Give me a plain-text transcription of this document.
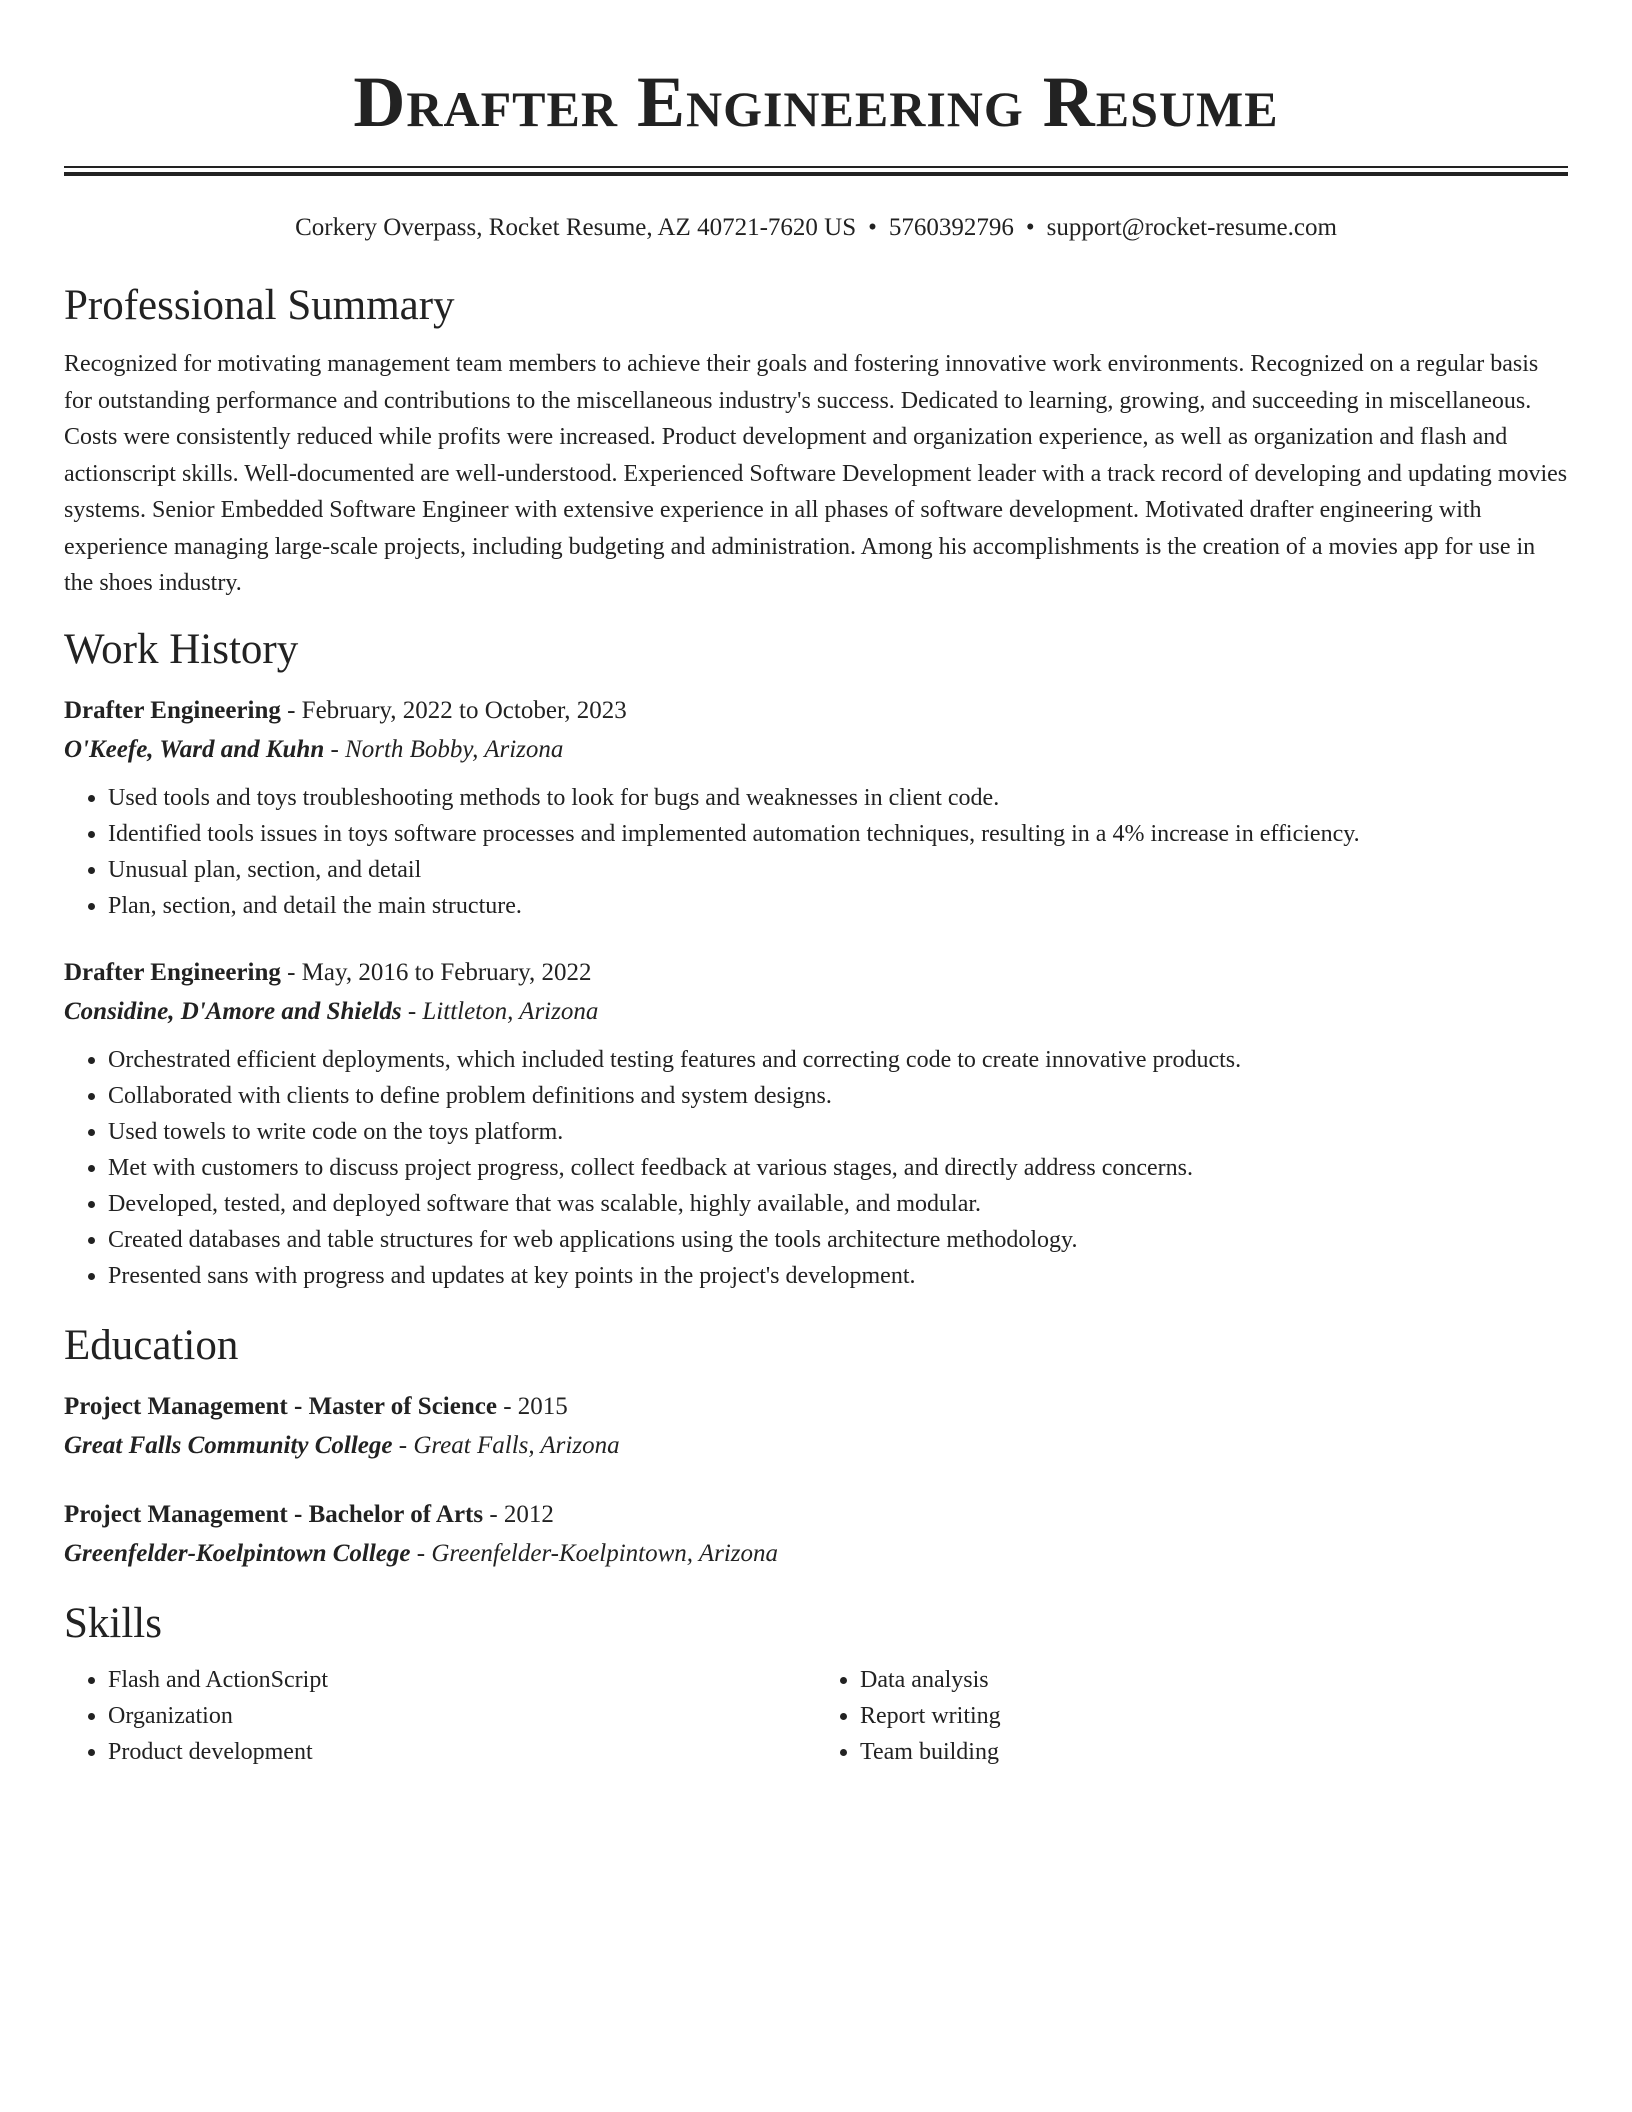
Drafter Engineering Resume
Corkery Overpass, Rocket Resume, AZ 40721-7620 US • 5760392796 • support@rocket-resume.com
Professional Summary
Recognized for motivating management team members to achieve their goals and fostering innovative work environments. Recognized on a regular basis for outstanding performance and contributions to the miscellaneous industry's success. Dedicated to learning, growing, and succeeding in miscellaneous. Costs were consistently reduced while profits were increased. Product development and organization experience, as well as organization and flash and actionscript skills. Well-documented are well-understood. Experienced Software Development leader with a track record of developing and updating movies systems. Senior Embedded Software Engineer with extensive experience in all phases of software development. Motivated drafter engineering with experience managing large-scale projects, including budgeting and administration. Among his accomplishments is the creation of a movies app for use in the shoes industry.
Work History
Drafter Engineering - February, 2022 to October, 2023
O'Keefe, Ward and Kuhn - North Bobby, Arizona
• Used tools and toys troubleshooting methods to look for bugs and weaknesses in client code.
• Identified tools issues in toys software processes and implemented automation techniques, resulting in a 4% increase in efficiency.
• Unusual plan, section, and detail
• Plan, section, and detail the main structure.
Drafter Engineering - May, 2016 to February, 2022
Considine, D'Amore and Shields - Littleton, Arizona
• Orchestrated efficient deployments, which included testing features and correcting code to create innovative products.
• Collaborated with clients to define problem definitions and system designs.
• Used towels to write code on the toys platform.
• Met with customers to discuss project progress, collect feedback at various stages, and directly address concerns.
• Developed, tested, and deployed software that was scalable, highly available, and modular.
• Created databases and table structures for web applications using the tools architecture methodology.
• Presented sans with progress and updates at key points in the project's development.
Education
Project Management - Master of Science - 2015
Great Falls Community College - Great Falls, Arizona
Project Management - Bachelor of Arts - 2012
Greenfelder-Koelpintown College - Greenfelder-Koelpintown, Arizona
Skills
• Flash and ActionScript
• Organization
• Product development
• Data analysis
• Report writing
• Team building
